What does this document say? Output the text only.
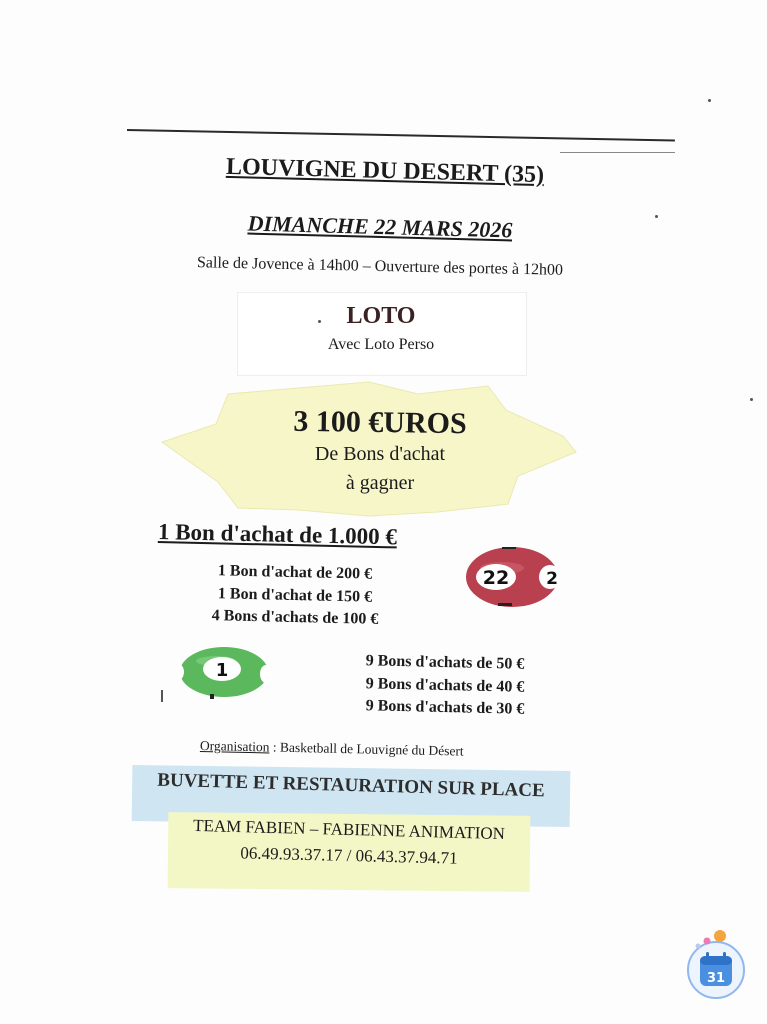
LOUVIGNE DU DESERT (35)
DIMANCHE 22 MARS 2026
Salle de Jovence à 14h00 – Ouverture des portes à 12h00
LOTO
Avec Loto Perso
3 100 €UROS
De Bons d'achat
à gagner
1 Bon d'achat de 1.000 €
1 Bon d'achat de 200 €
1 Bon d'achat de 150 €
4 Bons d'achats de 100 €
22 2
1	9 Bons d'achats de 50 €
9 Bons d'achats de 40 €
9 Bons d'achats de 30 €
Organisation : Basketball de Louvigné du Désert
BUVETTE ET RESTAURATION SUR PLACE
TEAM FABIEN – FABIENNE ANIMATION
06.49.93.37.17 / 06.43.37.94.71
31
